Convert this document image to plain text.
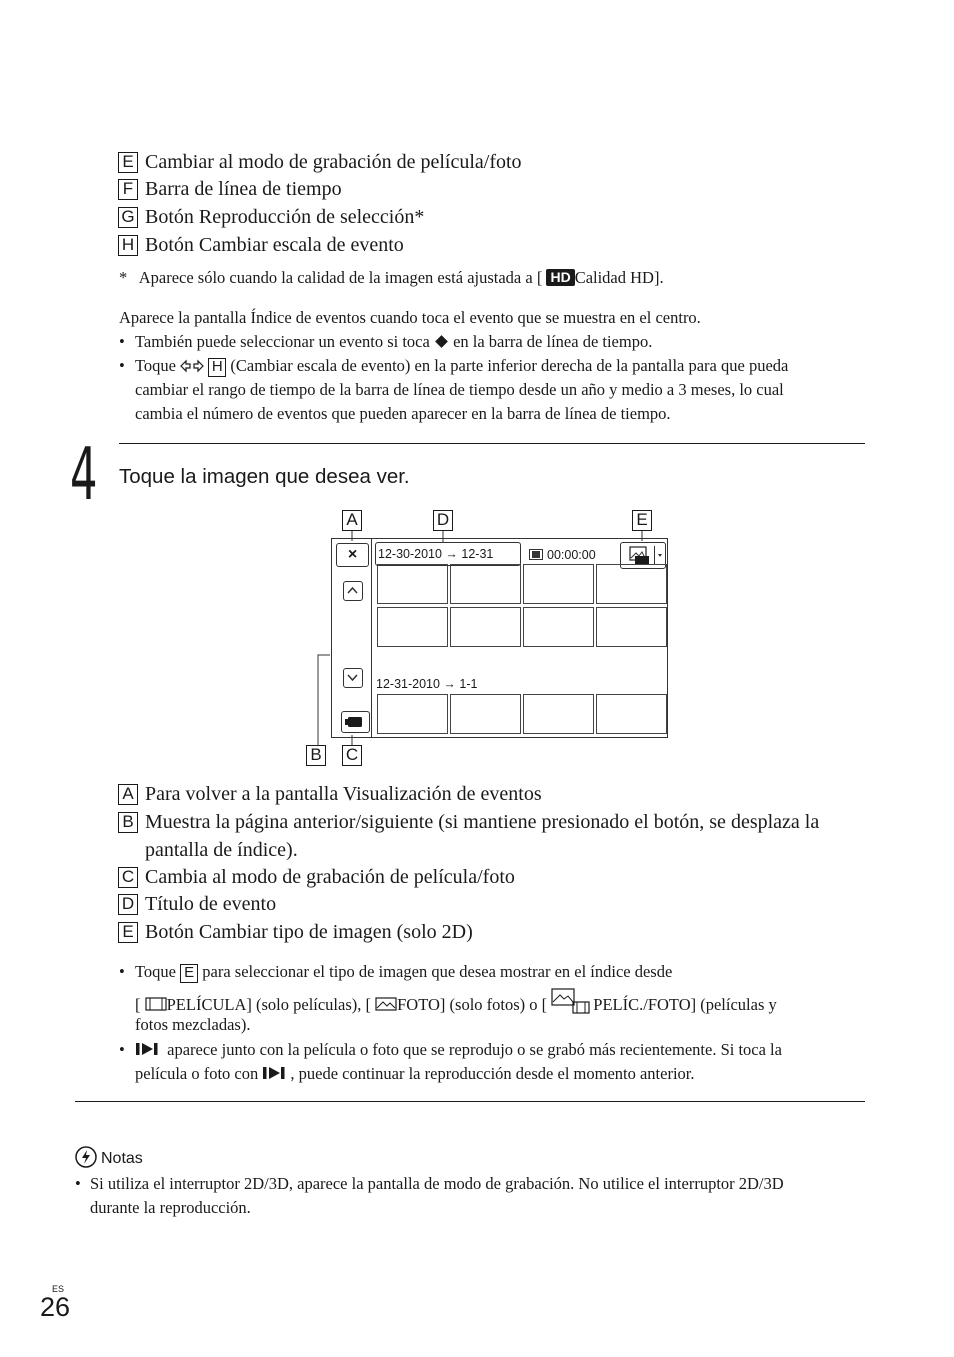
E Cambiar al modo de grabación de película/foto
F Barra de línea de tiempo
G Botón Reproducción de selección*
H Botón Cambiar escala de evento
* Aparece sólo cuando la calidad de la imagen está ajustada a [ HD Calidad HD].
Aparece la pantalla Índice de eventos cuando toca el evento que se muestra en el centro.
• También puede seleccionar un evento si toca en la barra de línea de tiempo.
• Toque H (Cambiar escala de evento) en la parte inferior derecha de la pantalla para que pueda
cambiar el rango de tiempo de la barra de línea de tiempo desde un año y medio a 3 meses, lo cual
cambia el número de eventos que pueden aparecer en la barra de línea de tiempo.
4	Toque la imagen que desea ver.
A	D	E
B C
×	12-30-2010 → 12-31	00:00:00
12-31-2010 → 1-1
A Para volver a la pantalla Visualización de eventos
B Muestra la página anterior/siguiente (si mantiene presionado el botón, se desplaza la
pantalla de índice).
C Cambia al modo de grabación de película/foto
D Título de evento
E Botón Cambiar tipo de imagen (solo 2D)
• Toque E para seleccionar el tipo de imagen que desea mostrar en el índice desde
[ PELÍCULA] (solo películas), [ FOTO] (solo fotos) o [	PELÍC./FOTO] (películas y
fotos mezcladas).
•	aparece junto con la película o foto que se reprodujo o se grabó más recientemente. Si toca la
película o foto con , puede continuar la reproducción desde el momento anterior.
Notas
• Si utiliza el interruptor 2D/3D, aparece la pantalla de modo de grabación. No utilice el interruptor 2D/3D
durante la reproducción.
ES
26
